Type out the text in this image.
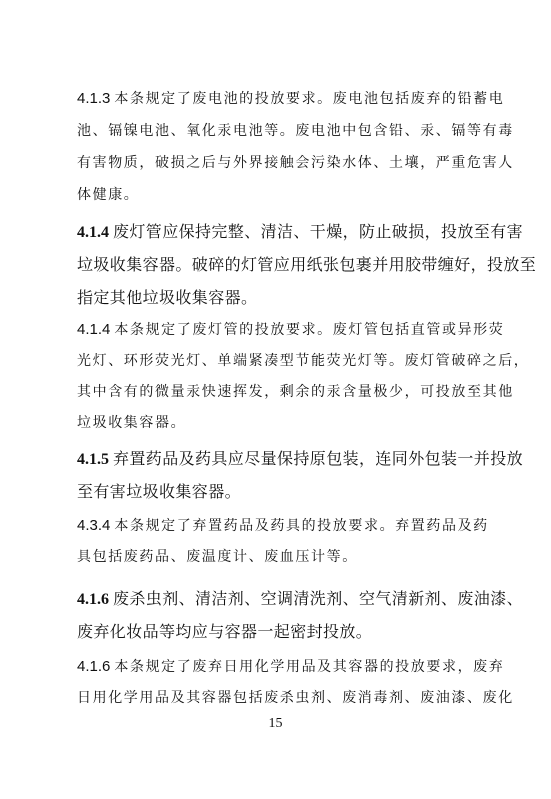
4.1.3 本条规定了废电池的投放要求。废电池包括废弃的铅蓄电
池、镉镍电池、氧化汞电池等。废电池中包含铅、汞、镉等有毒
有害物质，破损之后与外界接触会污染水体、土壤，严重危害人
体健康。
4.1.4 废灯管应保持完整、清洁、干燥，防止破损，投放至有害
垃圾收集容器。破碎的灯管应用纸张包裹并用胶带缠好，投放至
指定其他垃圾收集容器。
4.1.4 本条规定了废灯管的投放要求。废灯管包括直管或异形荧
光灯、环形荧光灯、单端紧凑型节能荧光灯等。废灯管破碎之后，
其中含有的微量汞快速挥发，剩余的汞含量极少，可投放至其他
垃圾收集容器。
4.1.5 弃置药品及药具应尽量保持原包装，连同外包装一并投放
至有害垃圾收集容器。
4.3.4 本条规定了弃置药品及药具的投放要求。弃置药品及药
具包括废药品、废温度计、废血压计等。
4.1.6 废杀虫剂、清洁剂、空调清洗剂、空气清新剂、废油漆、
废弃化妆品等均应与容器一起密封投放。
4.1.6 本条规定了废弃日用化学用品及其容器的投放要求，废弃
日用化学用品及其容器包括废杀虫剂、废消毒剂、废油漆、废化
15
